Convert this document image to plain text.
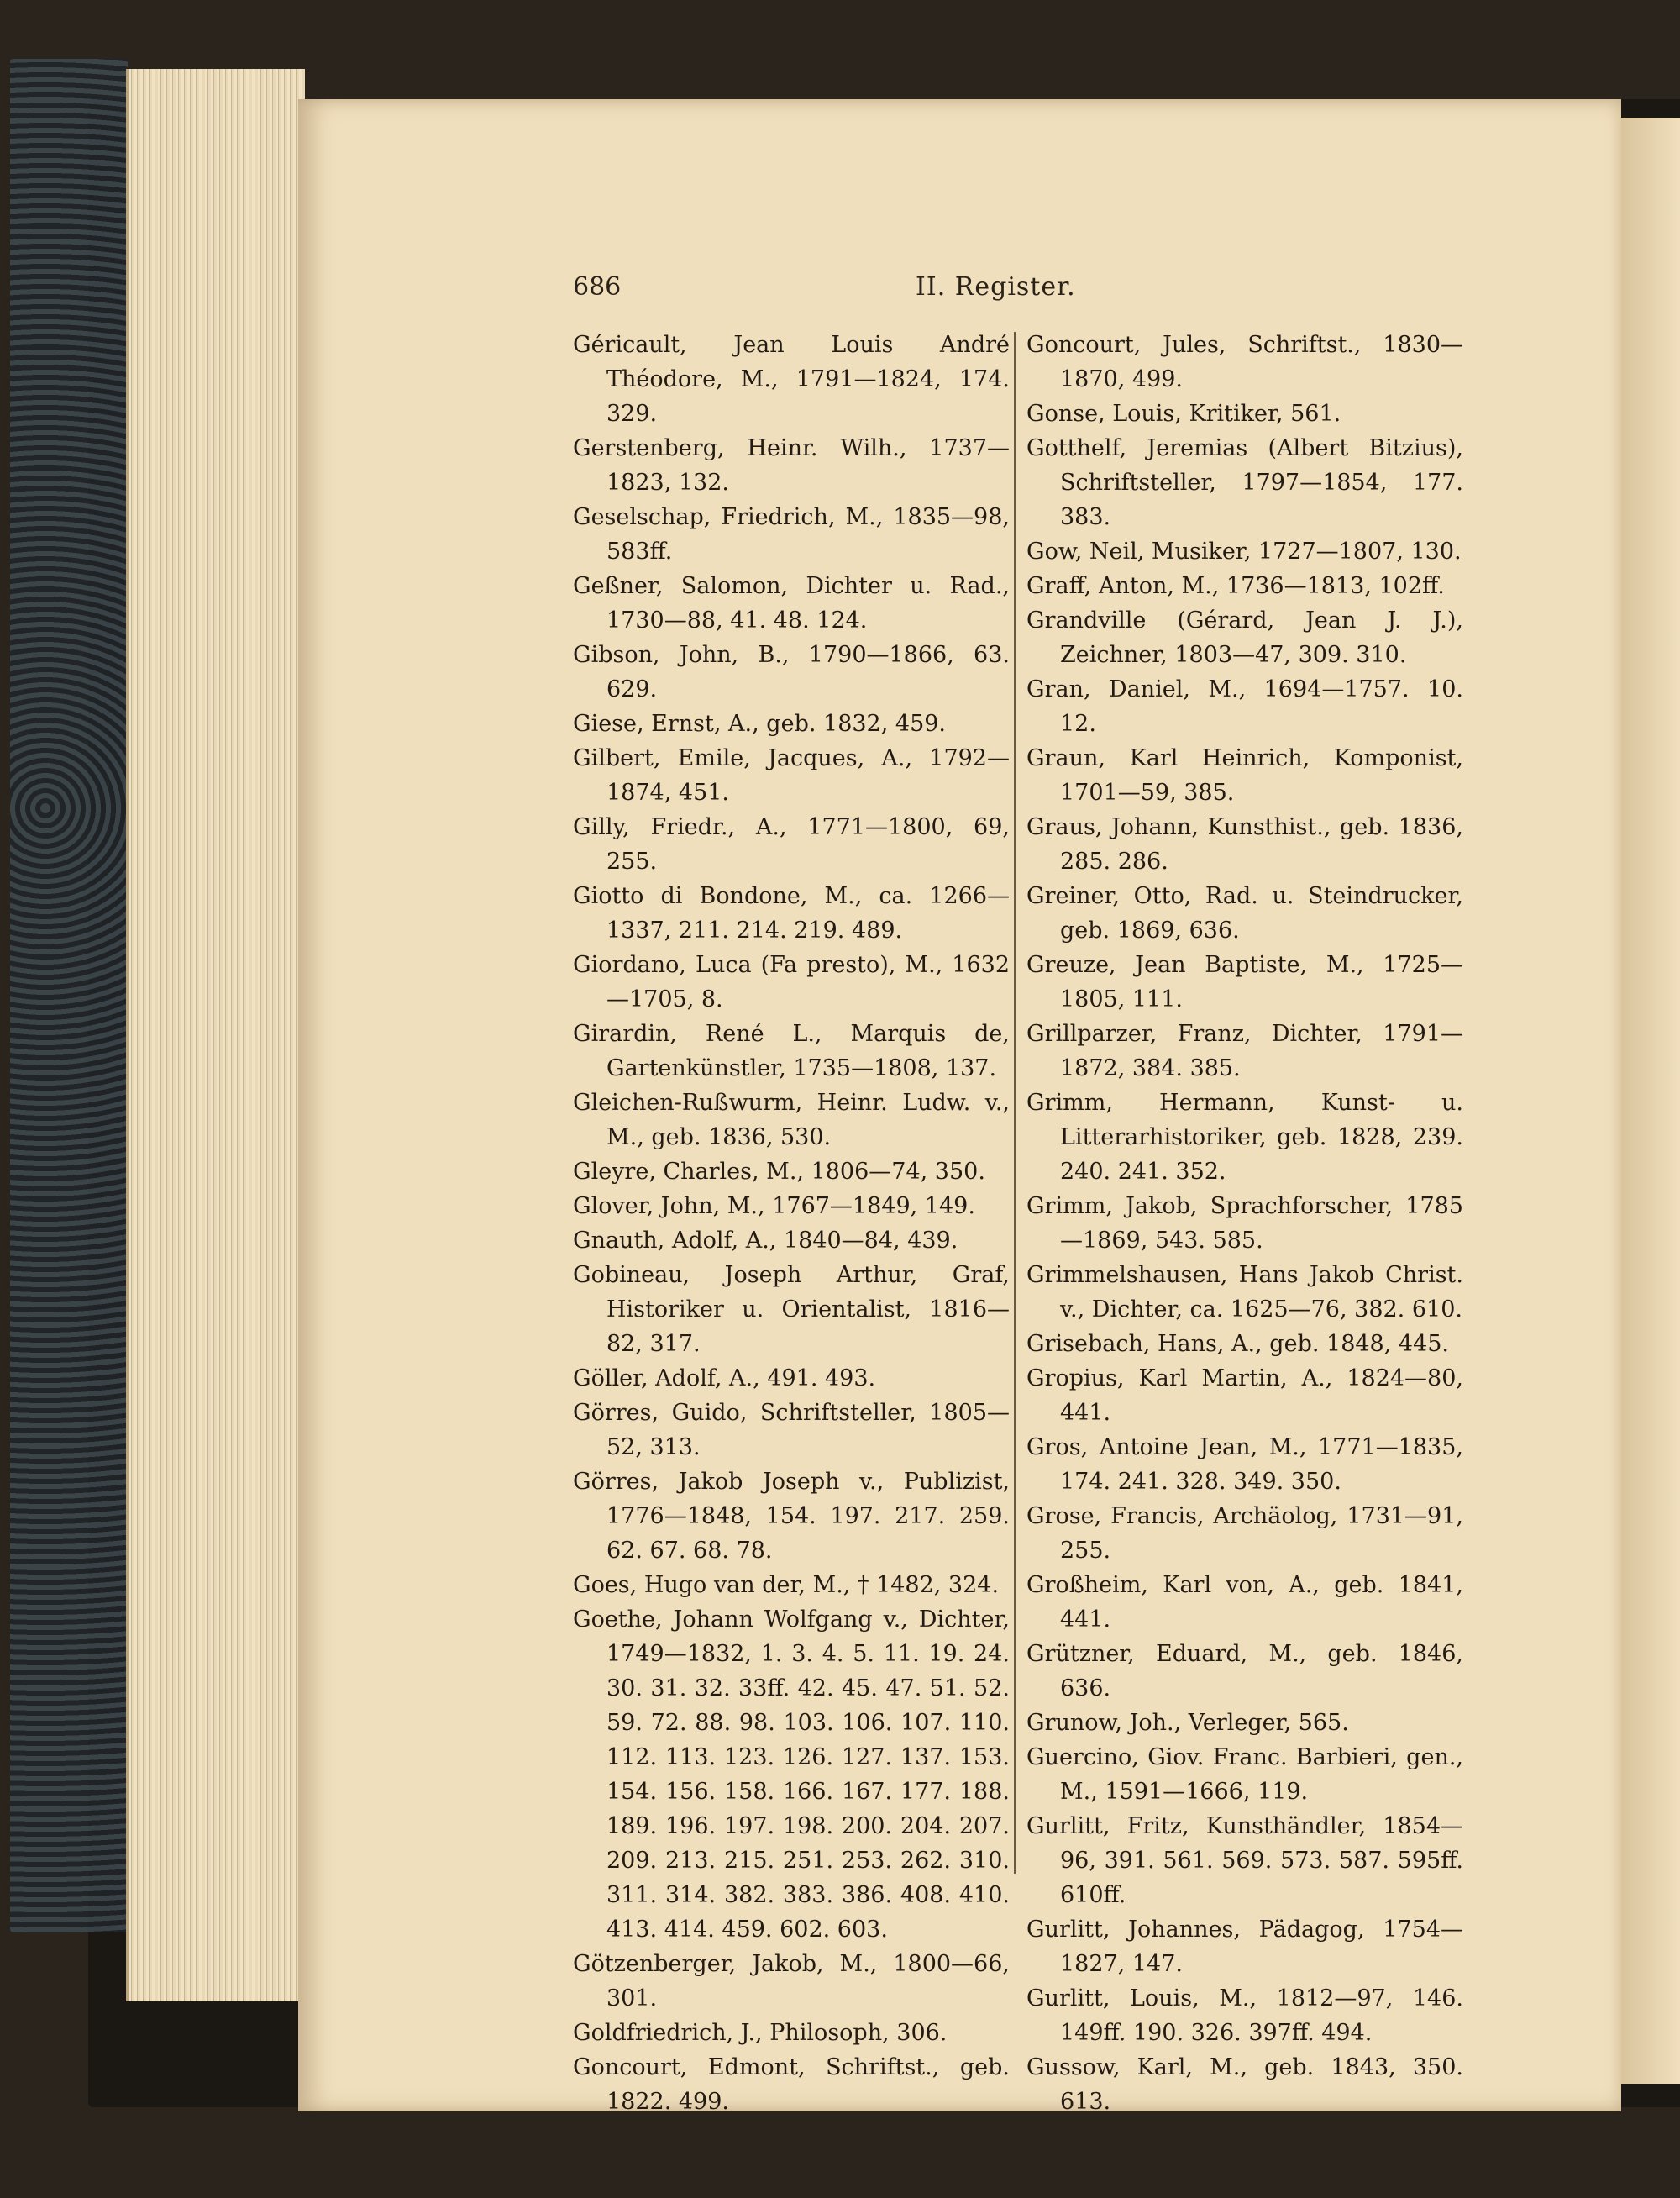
686	II. Register.

Géricault, Jean Louis André Théodore, M., 1791—1824, 174. 329.

Gerstenberg, Heinr. Wilh., 1737—1823, 132.

Geselschap, Friedrich, M., 1835—98, 583ff.

Geßner, Salomon, Dichter u. Rad., 1730—88, 41. 48. 124.

Gibson, John, B., 1790—1866, 63. 629.

Giese, Ernst, A., geb. 1832, 459.

Gilbert, Emile, Jacques, A., 1792—1874, 451.

Gilly, Friedr., A., 1771—1800, 69, 255.

Giotto di Bondone, M., ca. 1266—1337, 211. 214. 219. 489.

Giordano, Luca (Fa presto), M., 1632—1705, 8.

Girardin, René L., Marquis de, Gartenkünstler, 1735—1808, 137.

Gleichen-Rußwurm, Heinr. Ludw. v., M., geb. 1836, 530.

Gleyre, Charles, M., 1806—74, 350.

Glover, John, M., 1767—1849, 149.

Gnauth, Adolf, A., 1840—84, 439.

Gobineau, Joseph Arthur, Graf, Historiker u. Orientalist, 1816—82, 317.

Göller, Adolf, A., 491. 493.

Görres, Guido, Schriftsteller, 1805—52, 313.

Görres, Jakob Joseph v., Publizist, 1776—1848, 154. 197. 217. 259. 62. 67. 68. 78.

Goes, Hugo van der, M., † 1482, 324.

Goethe, Johann Wolfgang v., Dichter, 1749—1832, 1. 3. 4. 5. 11. 19. 24. 30. 31. 32. 33ff. 42. 45. 47. 51. 52. 59. 72. 88. 98. 103. 106. 107. 110. 112. 113. 123. 126. 127. 137. 153. 154. 156. 158. 166. 167. 177. 188. 189. 196. 197. 198. 200. 204. 207. 209. 213. 215. 251. 253. 262. 310. 311. 314. 382. 383. 386. 408. 410. 413. 414. 459. 602. 603.

Götzenberger, Jakob, M., 1800—66, 301.

Goldfriedrich, J., Philosoph, 306.

Goncourt, Edmont, Schriftst., geb. 1822. 499.

Goncourt, Jules, Schriftst., 1830—1870, 499.

Gonse, Louis, Kritiker, 561.

Gotthelf, Jeremias (Albert Bitzius), Schriftsteller, 1797—1854, 177. 383.

Gow, Neil, Musiker, 1727—1807, 130.

Graff, Anton, M., 1736—1813, 102ff.

Grandville (Gérard, Jean J. J.), Zeichner, 1803—47, 309. 310.

Gran, Daniel, M., 1694—1757. 10. 12.

Graun, Karl Heinrich, Komponist, 1701—59, 385.

Graus, Johann, Kunsthist., geb. 1836, 285. 286.

Greiner, Otto, Rad. u. Steindrucker, geb. 1869, 636.

Greuze, Jean Baptiste, M., 1725—1805, 111.

Grillparzer, Franz, Dichter, 1791—1872, 384. 385.

Grimm, Hermann, Kunst- u. Litterarhistoriker, geb. 1828, 239. 240. 241. 352.

Grimm, Jakob, Sprachforscher, 1785—1869, 543. 585.

Grimmelshausen, Hans Jakob Christ. v., Dichter, ca. 1625—76, 382. 610.

Grisebach, Hans, A., geb. 1848, 445.

Gropius, Karl Martin, A., 1824—80, 441.

Gros, Antoine Jean, M., 1771—1835, 174. 241. 328. 349. 350.

Grose, Francis, Archäolog, 1731—91, 255.

Großheim, Karl von, A., geb. 1841, 441.

Grützner, Eduard, M., geb. 1846, 636.

Grunow, Joh., Verleger, 565.

Guercino, Giov. Franc. Barbieri, gen., M., 1591—1666, 119.

Gurlitt, Fritz, Kunsthändler, 1854—96, 391. 561. 569. 573. 587. 595ff. 610ff.

Gurlitt, Johannes, Pädagog, 1754—1827, 147.

Gurlitt, Louis, M., 1812—97, 146. 149ff. 190. 326. 397ff. 494.

Gussow, Karl, M., geb. 1843, 350. 613.
